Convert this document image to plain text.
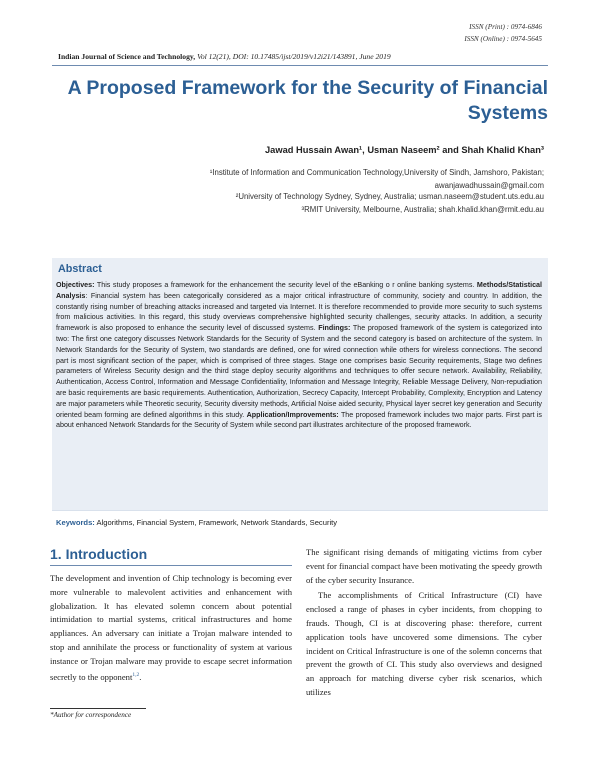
ISSN (Print) : 0974-6846
ISSN (Online) : 0974-5645
Indian Journal of Science and Technology, Vol 12(21), DOI: 10.17485/ijst/2019/v12i21/143891, June 2019
A Proposed Framework for the Security of Financial Systems
Jawad Hussain Awan¹, Usman Naseem² and Shah Khalid Khan³
¹Institute of Information and Communication Technology,University of Sindh, Jamshoro, Pakistan;
awanjawadhussain@gmail.com
²University of Technology Sydney, Sydney, Australia; usman.naseem@student.uts.edu.au
³RMIT University, Melbourne, Australia; shah.khalid.khan@rmit.edu.au
Abstract
Objectives: This study proposes a framework for the enhancement the security level of the eBanking o r online banking systems. Methods/Statistical Analysis: Financial system has been categorically considered as a major critical infrastructure of community, society and country. In addition, the constantly rising number of breaching attacks increased and targeted via Internet. It is therefore recommended to provide more security to such systems from malicious activities. In this regard, this study overviews comprehensive highlighted security challenges, security attacks. In addition, a security framework is also proposed to enhance the security level of discussed systems. Findings: The proposed framework of the system is categorized into two: The first one category discusses Network Standards for the Security of System and the second category is based on architecture of the system. In Network Standards for the Security of System, two standards are defined, one for wired connection while others for wireless connections. The second part is most significant section of the paper, which is comprised of three stages. Stage one comprises basic Security requirements, Stage two defines parameters of Wireless Security design and the third stage deploy security algorithms and techniques to offer secure network. Availability, Reliability, Authentication, Access Control, Information and Message Confidentiality, Information and Message Integrity, Reliable Message Delivery, Non-repudiation are basic requirements are basic requirements. Authentication, Authorization, Secrecy Capacity, Intercept Probability, Complexity, Encryption and Latency are major parameters while Theoretic security, Security diversity methods, Artificial Noise aided security, Physical layer secret key generation and Security oriented beam forming are defined algorithms in this study. Application/Improvements: The proposed framework includes two major parts. First part is about enhanced Network Standards for the Security of System while second part illustrates architecture of the proposed framework.
Keywords: Algorithms, Financial System, Framework, Network Standards, Security
1. Introduction

The development and invention of Chip technology is becoming ever more vulnerable to malevolent activities and enhancement with globalization. It has elevated solemn concern about potential intimidation to martial systems, critical infrastructures and home appliances. An adversary can initiate a Trojan malware intended to stop and annihilate the process or functionality of system at various instance or Trojan malware may provide to escape secret information secretly to the opponent$^{1,2}$.

The significant rising demands of mitigating victims from cyber event for financial compact have been motivating the speedy growth of the cyber security Insurance.

The accomplishments of Critical Infrastructure (CI) have enclosed a range of phases in cyber incidents, from chopping to frauds. Though, CI is at discovering phase: therefore, current application tools have uncovered some dimensions. The cyber incident on Critical Infrastructure is one of the solemn concerns that prevent the growth of CI. This study also overviews and designed an approach for matching diverse cyber risk scenarios, which utilizes

*Author for correspondence
